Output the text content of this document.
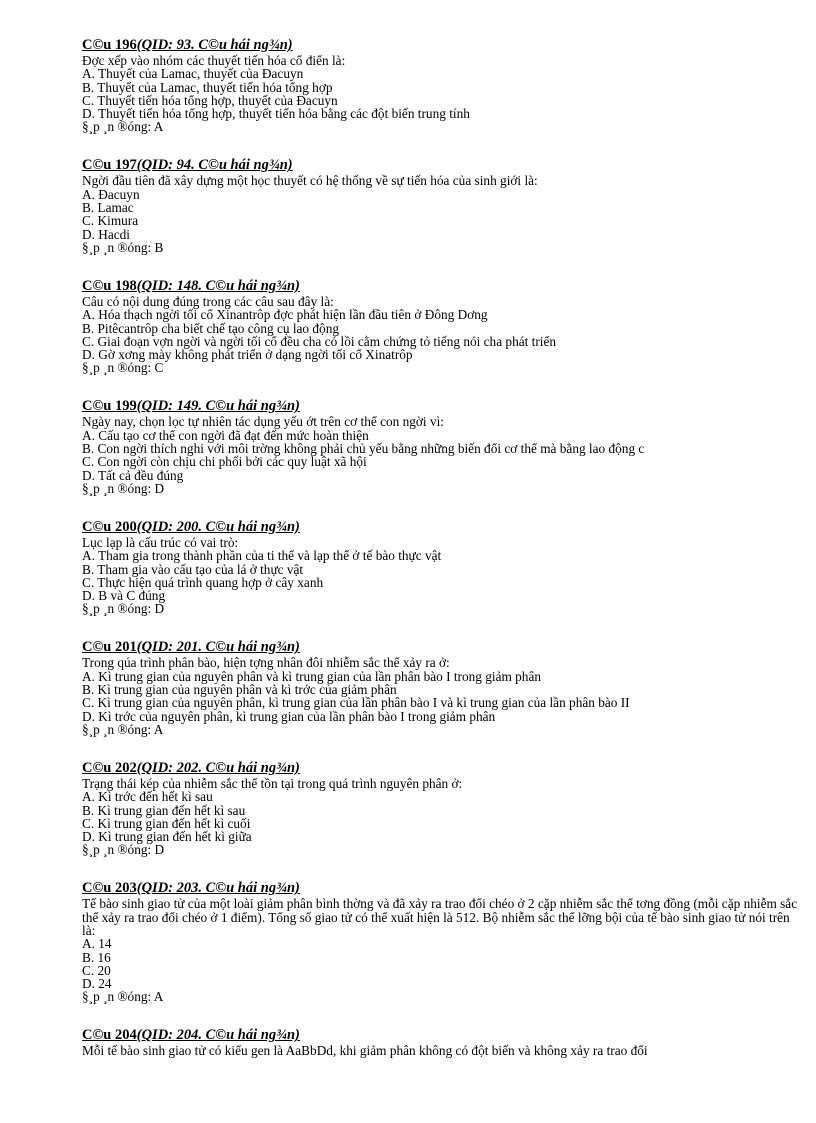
C©u 196(QID: 93. C©u hái ng¾n)
Đợc xếp vào nhóm các thuyết tiến hóa cổ điển là:
A. Thuyết của Lamac, thuyết của Đacuyn
B. Thuyết của Lamac, thuyết tiến hóa tổng hợp
C. Thuyết tiến hóa tổng hợp, thuyết của Đacuyn
D. Thuyết tiến hóa tổng hợp, thuyết tiến hóa bằng các đột biến trung tính
§¸p ¸n ®óng: A
C©u 197(QID: 94. C©u hái ng¾n)
Ngời đầu tiên đã xây dựng một học thuyết có hệ thống về sự tiến hóa của sinh giới là:
A. Đacuyn
B. Lamac
C. Kimura
D. Hacdi
§¸p ¸n ®óng: B
C©u 198(QID: 148. C©u hái ng¾n)
Câu có nội dung đúng trong các câu sau đây là:
A. Hóa thạch ngời tối cổ Xinantrôp đợc phát hiện lần đầu tiên ở Đông Dơng
B. Pitêcantrôp cha biết chế tạo công cụ lao động
C. Giai đoạn vợn ngời và ngời tối cổ đều cha có lồi cằm chứng tỏ tiếng nói cha phát triển
D. Gờ xơng mày không phát triển ở dạng ngời tối cổ Xinatrôp
§¸p ¸n ®óng: C
C©u 199(QID: 149. C©u hái ng¾n)
Ngày nay, chọn lọc tự nhiên tác dụng yếu ớt trên cơ thể con ngời vì:
A. Cấu tạo cơ thể con ngời đã đạt đến mức hoàn thiện
B. Con ngời thích nghi với môi trờng không phải chủ yếu bằng những biến đổi cơ thể mà bằng lao động c
C. Con ngời còn chịu chi phối bởi các quy luật xã hội
D. Tất cả đều đúng
§¸p ¸n ®óng: D
C©u 200(QID: 200. C©u hái ng¾n)
Lục lạp là cấu trúc có vai trò:
A. Tham gia trong thành phần của ti thể và lạp thể ở tế bào thực vật
B. Tham gia vào cấu tạo của lá ở thực vật
C. Thực hiện quá trình quang hợp ở cây xanh
D. B và C đúng
§¸p ¸n ®óng: D
C©u 201(QID: 201. C©u hái ng¾n)
Trong qúa trình phân bào, hiện tợng nhân đôi nhiễm sắc thể xảy ra ở:
A. Kì trung gian của nguyên phân và kì trung gian của lần phân bào I trong giảm phân
B. Kì trung gian của nguyên phân và kì trớc của giảm phân
C. Kì trung gian của nguyên phân, kì trung gian của lần phân bào I và kì trung gian của lần phân bào II
D. Kì trớc của nguyên phân, kì trung gian của lần phân bào I trong giảm phân
§¸p ¸n ®óng: A
C©u 202(QID: 202. C©u hái ng¾n)
Trạng thái kép của nhiễm sắc thể tồn tại trong quá trình nguyên phân ở:
A. Kì trớc đến hết kì sau
B. Kì trung gian đến hết kì sau
C. Kì trung gian đến hết kì cuối
D. Kì trung gian đến hết kì giữa
§¸p ¸n ®óng: D
C©u 203(QID: 203. C©u hái ng¾n)
Tế bào sinh giao tử của một loài giảm phân bình thờng và đã xảy ra trao đổi chéo ở 2 cặp nhiễm sắc thể tơng đồng (mỗi cặp nhiễm sắc thể xảy ra trao đổi chéo ở 1 điểm). Tổng số giao tử có thể xuất hiện là 512. Bộ nhiễm sắc thể lỡng bội của tế bào sinh giao tử nói trên là:
A. 14
B. 16
C. 20
D. 24
§¸p ¸n ®óng: A
C©u 204(QID: 204. C©u hái ng¾n)
Mỗi tế bào sinh giao tử có kiểu gen là AaBbDd, khi giảm phân không có đột biến và không xảy ra trao đổi
